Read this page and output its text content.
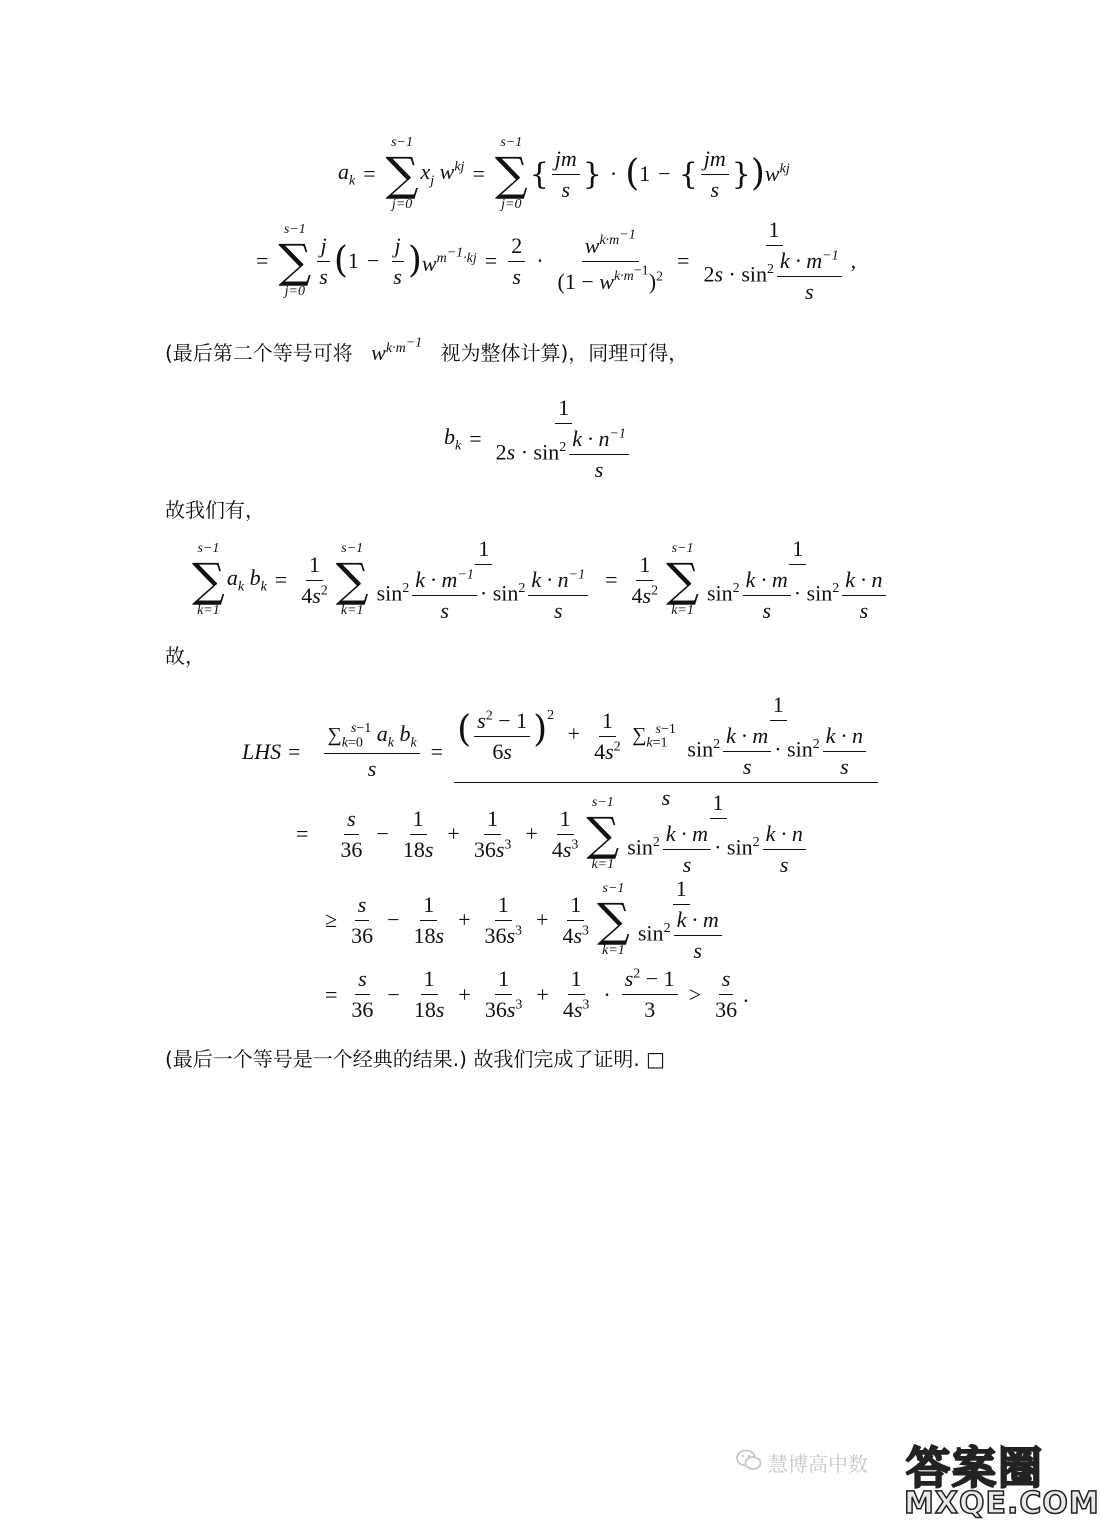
$a_k$ =
s−1
∑
j=0
$x_j$ $w^{kj}$ =
s−1
∑
j=0
{ $\frac{jm}{s}$ } · ( 1 − { $\frac{jm}{s}$ } ) $w^{kj}$
=
s−1
∑
j=0
$\frac{j}{s}$ ( $1 - \frac{j}{s}$ ) $w^{m^{-1}\cdot kj} = \frac{2}{s} \cdot \frac{w^{k\cdot m^{-1}}}{(1 - w^{k\cdot m^{-1}})^2} = \frac{1}{2s \cdot \sin^2 \frac{k \cdot m^{-1}}{s}}$ ,
(最后第二个等号可将 $w^{k\cdot m^{-1}}$ 视为整体计算)，同理可得，
$b_k = \frac{1}{2s \cdot \sin^2 \frac{k \cdot n^{-1}}{s}}$
故我们有，
s−1
∑
k=1
$a_k$ $b_k = \frac{1}{4s^2}$
s−1
∑
$k=1 \frac{1}{\sin^2 \frac{k \cdot m^{-1}}{s} \cdot \sin^2 \frac{k \cdot n^{-1}}{s}} = \frac{1}{4s^2}$
s−1
∑
$k=1 \frac{1}{\sin^2 \frac{k \cdot m}{s} \cdot \sin^2 \frac{k \cdot n}{s}}$
故，
LHS = $\frac{\sum_{k=0}^{s-1} a_k b_k}{s}$ =
( $\frac{s^2 - 1}{6s} )^2 + \frac{1}{4s^2} \sum_{k=1}^{s-1} \frac{1}{\sin^2 \frac{k \cdot m}{s} \cdot \sin^2 \frac{k \cdot n}{s}}$
s
= $\frac{s}{36} - \frac{1}{18s} + \frac{1}{36s^3} + \frac{1}{4s^3}$
s−1
∑
$k=1 \frac{1}{\sin^2 \frac{k \cdot m}{s} \cdot \sin^2 \frac{k \cdot n}{s}}$
≥ $\frac{s}{36} - \frac{1}{18s} + \frac{1}{36s^3} + \frac{1}{4s^3}$
s−1
∑
$k=1 \frac{1}{\sin^2 \frac{k \cdot m}{s}}$
= $\frac{s}{36} - \frac{1}{18s} + \frac{1}{36s^3} + \frac{1}{4s^3} \cdot \frac{s^2 - 1}{3} > \frac{s}{36}$ .
(最后一个等号是一个经典的结果.) 故我们完成了证明. □
慧博高中数 答案圈
MXQE.COM
